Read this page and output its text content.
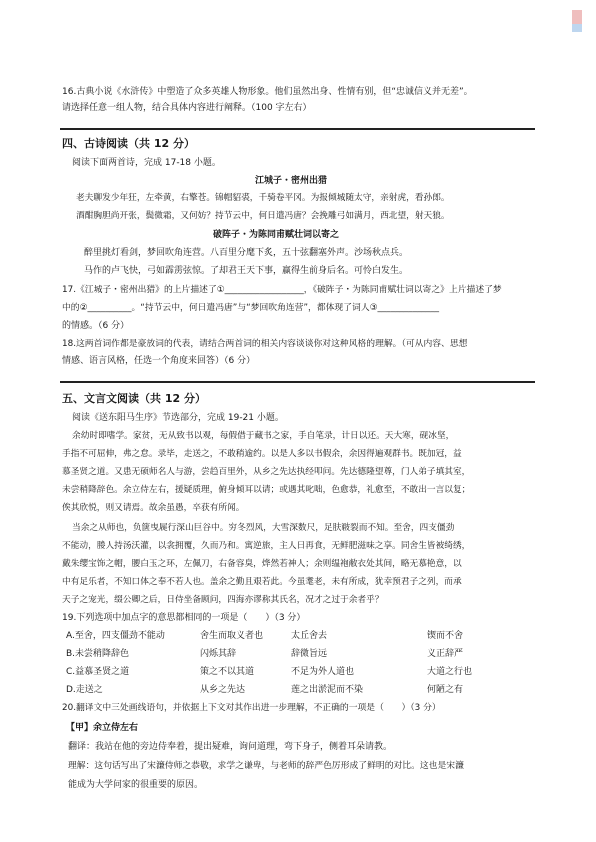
16.古典小说《水浒传》中塑造了众多英雄人物形象。他们虽然出身、性情有别，但“忠诚信义并无差”。
请选择任意一组人物，结合具体内容进行阐释。（100 字左右）
四、古诗阅读（共 12 分）
阅读下面两首诗，完成 17-18 小题。
江城子・密州出猎
老夫聊发少年狂，左牵黄，右擎苍。锦帽貂裘，千骑卷平冈。为报倾城随太守，亲射虎，看孙郎。
酒酣胸胆尚开张，鬓微霜，又何妨？持节云中，何日遣冯唐？会挽雕弓如满月，西北望，射天狼。
破阵子・为陈同甫赋壮词以寄之
醉里挑灯看剑，梦回吹角连营。八百里分麾下炙，五十弦翻塞外声。沙场秋点兵。
马作的卢飞快，弓如霹雳弦惊。了却君王天下事，赢得生前身后名。可怜白发生。
17.《江城子・密州出猎》的上片描述了①__________________，《破阵子・为陈同甫赋壮词以寄之》上片描述了梦
中的②__________。“持节云中，何日遣冯唐”与“梦回吹角连营”，都体现了词人③______________
的情感。（6 分）
18.这两首词作都是豪放词的代表，请结合两首词的相关内容谈谈你对这种风格的理解。（可从内容、思想
情感、语言风格，任选一个角度来回答）（6 分）
五、文言文阅读（共 12 分）
阅读《送东阳马生序》节选部分，完成 19-21 小题。
余幼时即嗜学。家贫，无从致书以观，每假借于藏书之家，手自笔录，计日以还。天大寒，砚冰坚，
手指不可屈伸，弗之怠。录毕，走送之，不敢稍逾约。以是人多以书假余，余因得遍观群书。既加冠，益
慕圣贤之道。又患无硕师名人与游，尝趋百里外，从乡之先达执经叩问。先达德隆望尊，门人弟子填其室，
未尝稍降辞色。余立侍左右，援疑质理，俯身倾耳以请；或遇其叱咄，色愈恭，礼愈至，不敢出一言以复；
俟其欣悦，则又请焉。故余虽愚，卒获有所闻。
当余之从师也，负箧曳屣行深山巨谷中。穷冬烈风，大雪深数尺，足肤皲裂而不知。至舍，四支僵劲
不能动，媵人持汤沃灌，以衾拥覆，久而乃和。寓逆旅，主人日再食，无鲜肥滋味之享。同舍生皆被绮绣，
戴朱缨宝饰之帽，腰白玉之环，左佩刀，右备容臭，烨然若神人；余则缊袍敝衣处其间，略无慕艳意，以
中有足乐者，不知口体之奉不若人也。盖余之勤且艰若此。今虽耄老，未有所成，犹幸预君子之列，而承
天子之宠光，缀公卿之后，日侍坐备顾问，四海亦谬称其氏名，况才之过于余者乎？
19.下列选项中加点字的意思都相同的一项是（　　）（3 分）
A.至舍，四支僵劲不能动	舍生而取义者也	太丘舍去	锲而不舍
B.未尝稍降辞色	闪烁其辞	辞微旨远	义正辞严
C.益慕圣贤之道	策之不以其道	不足为外人道也	大道之行也
D.走送之	从乡之先达	莲之出淤泥而不染	何陋之有
20.翻译文中三处画线语句，并依据上下文对其作出进一步理解，不正确的一项是（　　）（3 分）
【甲】余立侍左右
翻译：我站在他的旁边侍奉着，提出疑难，询问道理，弯下身子，侧着耳朵请教。
理解：这句话写出了宋濂侍师之恭敬，求学之谦卑，与老师的辞严色厉形成了鲜明的对比。这也是宋濂
能成为大学问家的很重要的原因。
